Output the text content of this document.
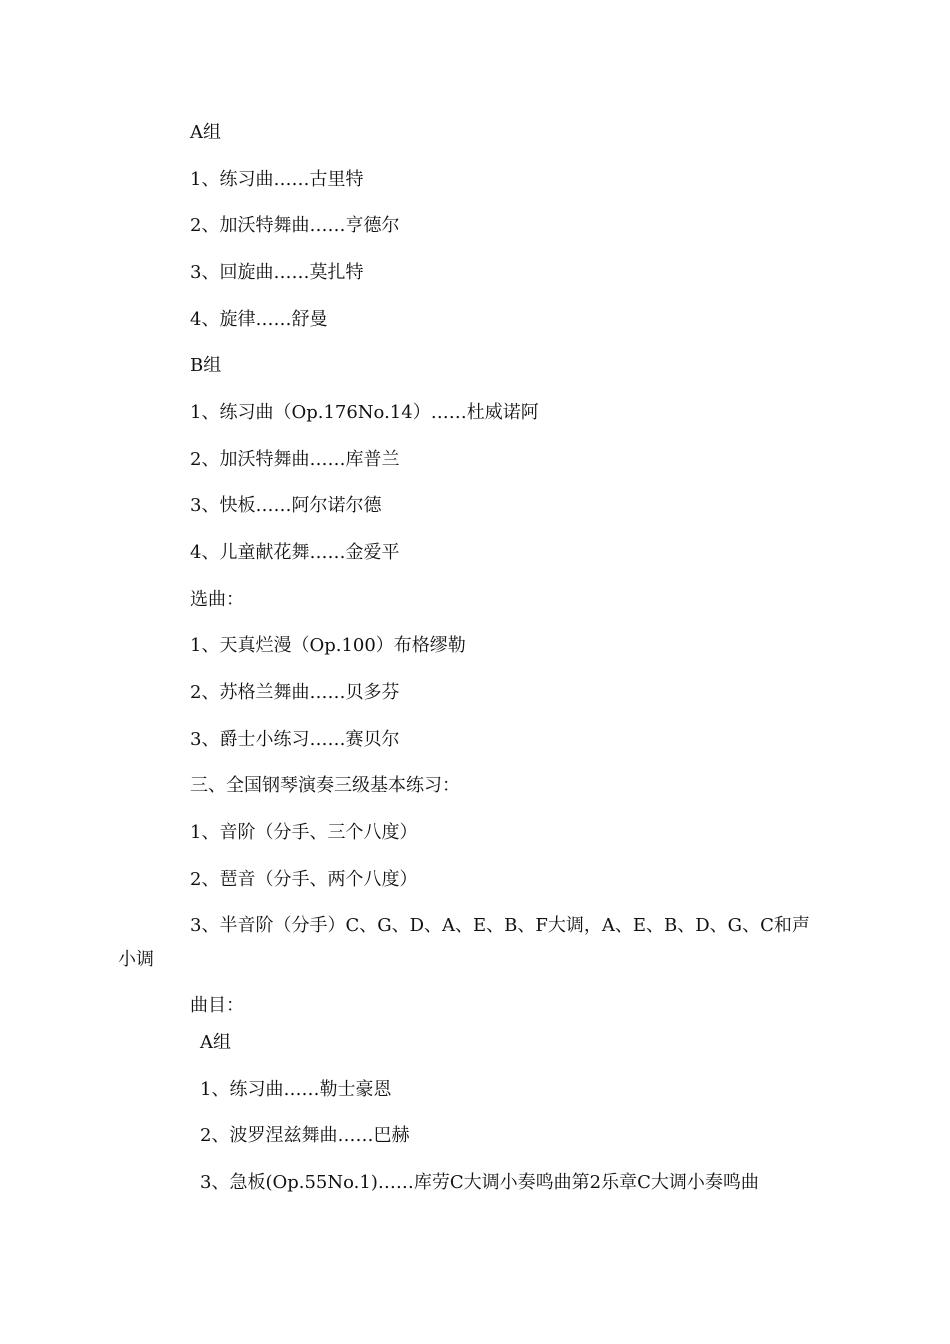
A组
1、练习曲……古里特
2、加沃特舞曲……亨德尔
3、回旋曲……莫扎特
4、旋律……舒曼
B组
1、练习曲（Op.176No.14）……杜威诺阿
2、加沃特舞曲……库普兰
3、快板……阿尔诺尔德
4、儿童献花舞……金爱平
选曲：
1、天真烂漫（Op.100）布格缪勒
2、苏格兰舞曲……贝多芬
3、爵士小练习……赛贝尔
三、全国钢琴演奏三级基本练习：
1、音阶（分手、三个八度）
2、琶音（分手、两个八度）
3、半音阶（分手）C、G、D、A、E、B、F大调，A、E、B、D、G、C和声
小调
曲目：
A组
1、练习曲……勒士豪恩
2、波罗涅兹舞曲……巴赫
3、急板(Op.55No.1)……库劳C大调小奏鸣曲第2乐章C大调小奏鸣曲
